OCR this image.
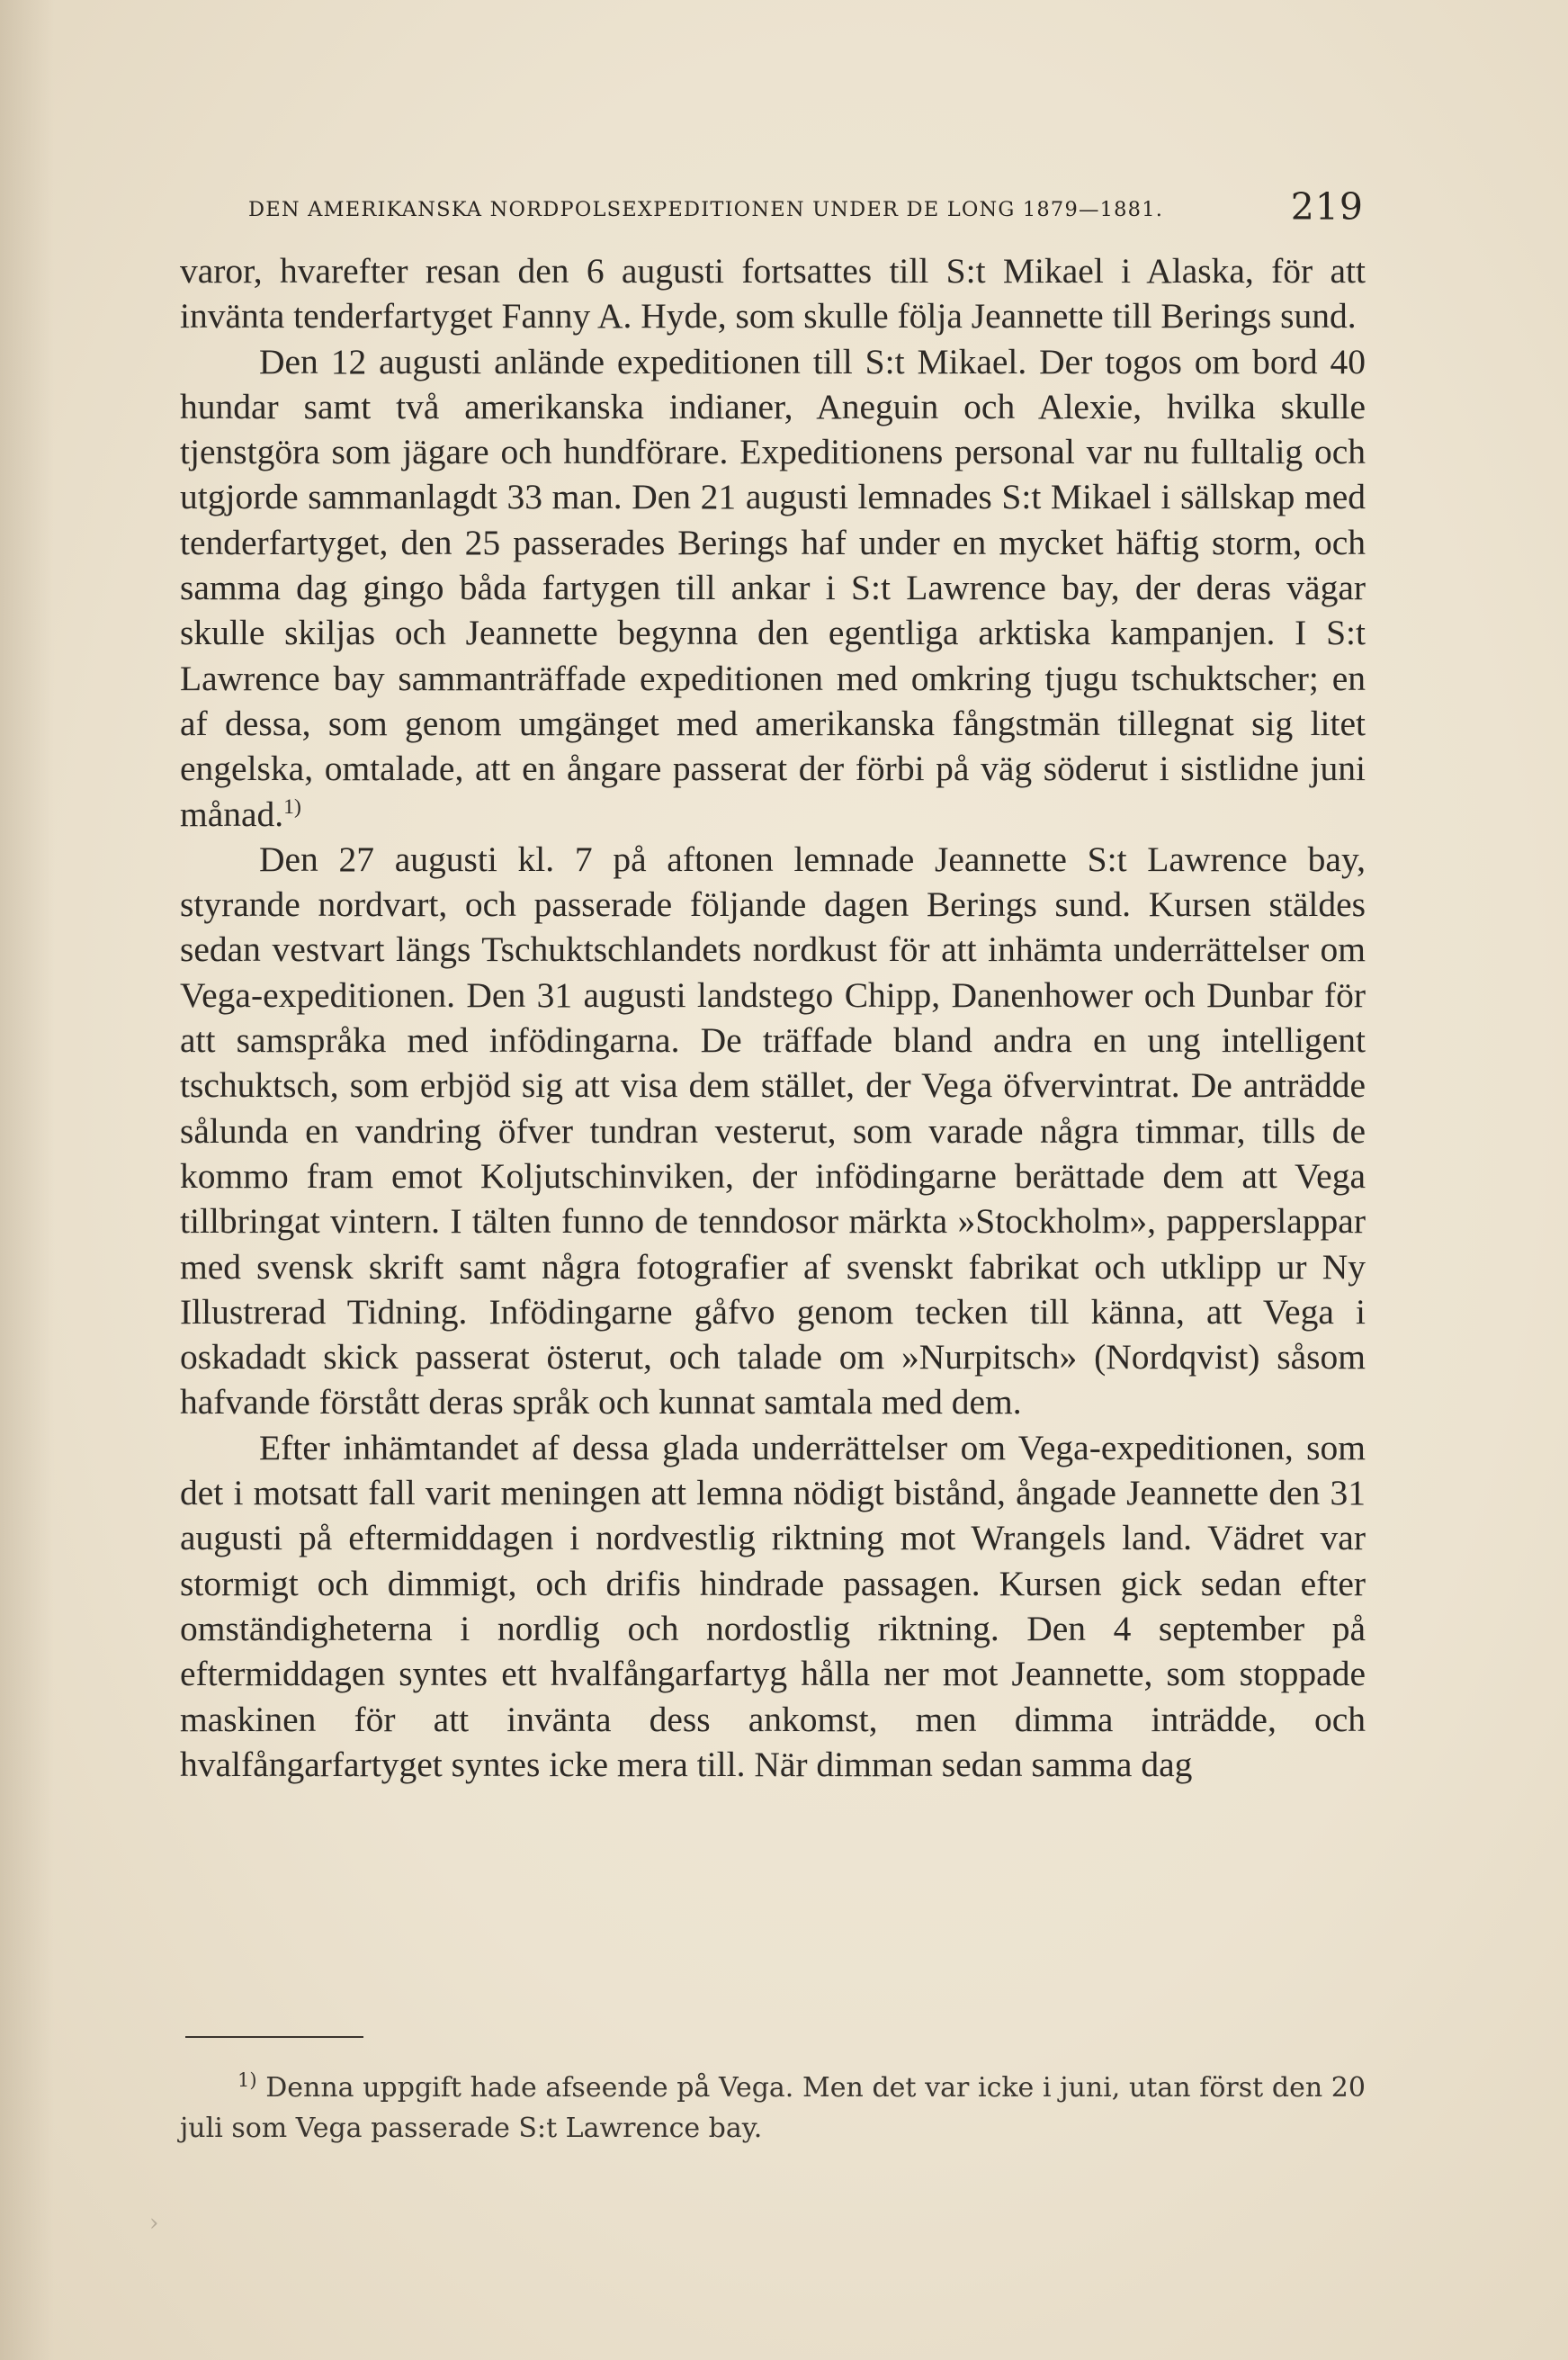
DEN AMERIKANSKA NORDPOLSEXPEDITIONEN UNDER DE LONG 1879—1881.	219

varor, hvarefter resan den 6 augusti fortsattes till S:t Mikael i Alaska, för att invänta tenderfartyget Fanny A. Hyde, som skulle följa Jeannette till Berings sund.

Den 12 augusti anlände expeditionen till S:t Mikael. Der togos om bord 40 hundar samt två amerikanska indianer, Aneguin och Alexie, hvilka skulle tjenstgöra som jägare och hundförare. Expeditionens personal var nu fulltalig och utgjorde sammanlagdt 33 man. Den 21 augusti lemnades S:t Mikael i sällskap med tenderfartyget, den 25 passerades Berings haf under en mycket häftig storm, och samma dag gingo båda fartygen till ankar i S:t Lawrence bay, der deras vägar skulle skiljas och Jeannette begynna den egentliga arktiska kampanjen. I S:t Lawrence bay sammanträffade expeditionen med omkring tjugu tschuktscher; en af dessa, som genom umgänget med amerikanska fångstmän tillegnat sig litet engelska, omtalade, att en ångare passerat der förbi på väg söderut i sistlidne juni månad.$^{1)}$

Den 27 augusti kl. 7 på aftonen lemnade Jeannette S:t Lawrence bay, styrande nordvart, och passerade följande dagen Berings sund. Kursen stäldes sedan vestvart längs Tschuktschlandets nordkust för att inhämta underrättelser om Vega-expeditionen. Den 31 augusti landstego Chipp, Danenhower och Dunbar för att samspråka med infödingarna. De träffade bland andra en ung intelligent tschuktsch, som erbjöd sig att visa dem stället, der Vega öfvervintrat. De anträdde sålunda en vandring öfver tundran vesterut, som varade några timmar, tills de kommo fram emot Koljutschinviken, der infödingarne berättade dem att Vega tillbringat vintern. I tälten funno de tenndosor märkta »Stockholm», papperslappar med svensk skrift samt några fotografier af svenskt fabrikat och utklipp ur Ny Illustrerad Tidning. Infödingarne gåfvo genom tecken till känna, att Vega i oskadadt skick passerat österut, och talade om »Nurpitsch» (Nordqvist) såsom hafvande förstått deras språk och kunnat samtala med dem.

Efter inhämtandet af dessa glada underrättelser om Vega-expeditionen, som det i motsatt fall varit meningen att lemna nödigt bistånd, ångade Jeannette den 31 augusti på eftermiddagen i nordvestlig riktning mot Wrangels land. Vädret var stormigt och dimmigt, och drifis hindrade passagen. Kursen gick sedan efter omständigheterna i nordlig och nordostlig riktning. Den 4 september på eftermiddagen syntes ett hvalfångarfartyg hålla ner mot Jeannette, som stoppade maskinen för att invänta dess ankomst, men dimma inträdde, och hvalfångarfartyget syntes icke mera till. När dimman sedan samma dag

$^{1)}$ Denna uppgift hade afseende på Vega. Men det var icke i juni, utan först den 20 juli som Vega passerade S:t Lawrence bay.
›
